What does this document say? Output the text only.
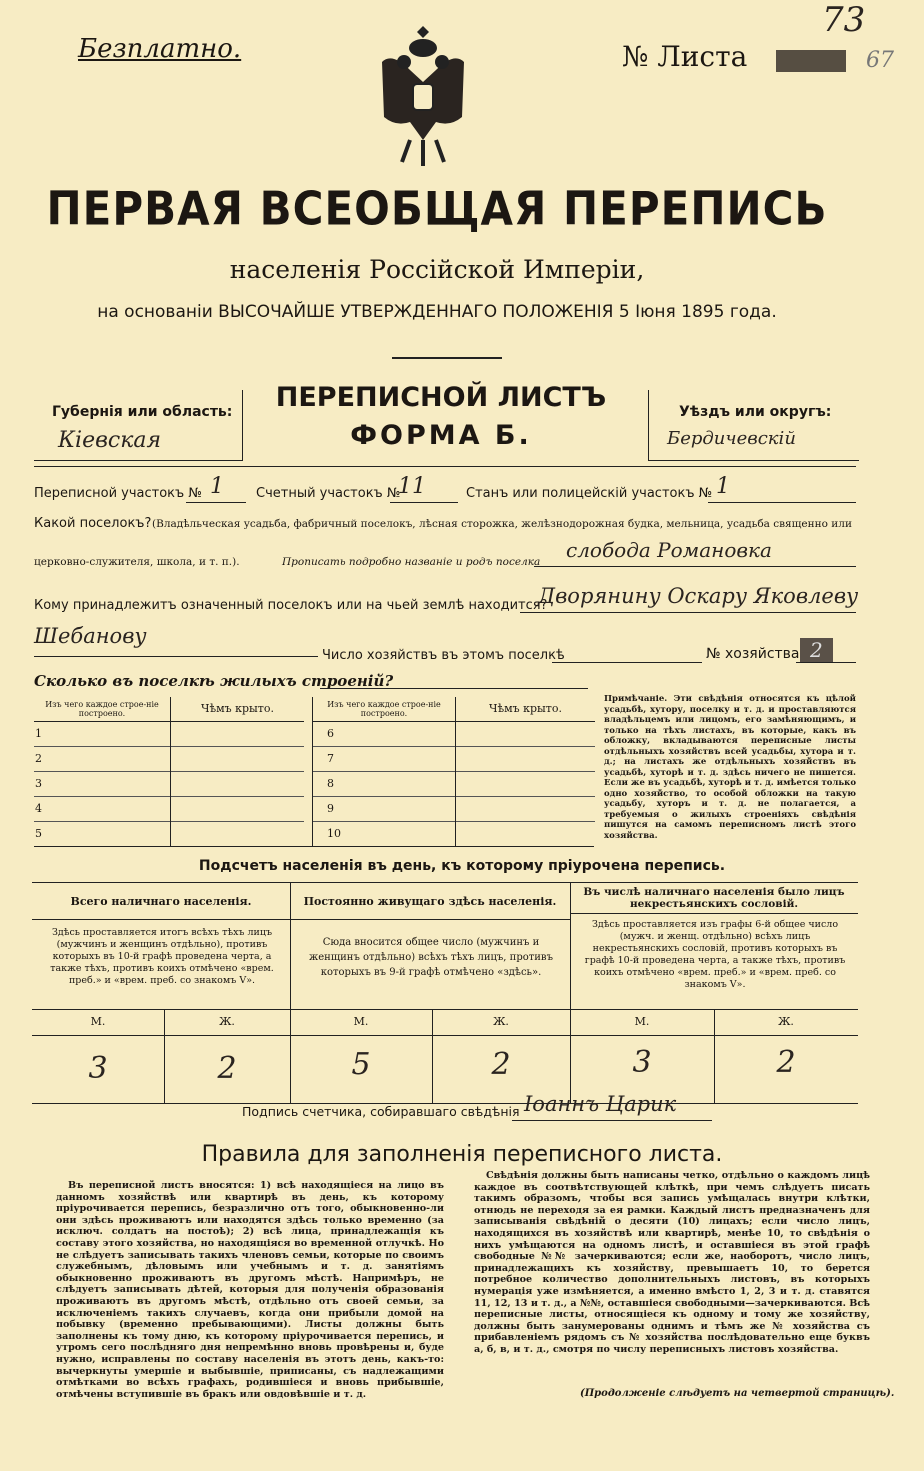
Безплатно.	№ Листа
73
67
ПЕРВАЯ ВСЕОБЩАЯ ПЕРЕПИСЬ
населенія Россійской Имперіи,
на основаніи ВЫСОЧАЙШЕ УТВЕРЖДЕННАГО ПОЛОЖЕНІЯ 5 Іюня 1895 года.
Губернія или область:
Кіевская
ПЕРЕПИСНОЙ ЛИСТЪ
ФОРМА Б.
Уѣздъ или округъ:
Бердичевскій
Переписной участокъ № 1 Счетный участокъ №
11	Станъ или полицейскій участокъ № 1
Какой поселокъ? (Владѣльческая усадьба, фабричный поселокъ, лѣсная сторожка, желѣзнодорожная будка, мельница, усадьба священно или
церковно-служителя, школа, и т. п.).	Прописать подробно названіе и родъ поселка слобода Романовка
Кому принадлежитъ означенный поселокъ или на чьей землѣ находится?
Дворянину Оскару Яковлеву
Шебанову
Число хозяйствъ въ этомъ поселкѣ	№ хозяйства 2
Сколько въ поселкѣ жилыхъ строеній?
Изъ чего каждое строе-ніе построено.	Чѣмъ крыто.
1	
2	
3	
4	
5	
Изъ чего каждое строе-ніе построено.	Чѣмъ крыто.
6	
7	
8	
9	
10	
Примѣчаніе. Эти свѣдѣнія относятся къ цѣлой усадьбѣ, хутору, поселку и т. д. и проставляются владѣльцемъ или лицомъ, его замѣняющимъ, и только на тѣхъ листахъ, въ которые, какъ въ обложку, вкладываются переписные листы отдѣльныхъ хозяйствъ всей усадьбы, хутора и т. д.; на листахъ же отдѣльныхъ хозяйствъ въ усадьбѣ, хуторѣ и т. д. здѣсь ничего не пишется. Если же въ усадьбѣ, хуторѣ и т. д. имѣется только одно хозяйство, то особой обложки на такую усадьбу, хуторъ и т. д. не полагается, а требуемыя о жилыхъ строеніяхъ свѣдѣнія пишутся на самомъ переписномъ листѣ этого хозяйства.
Подсчетъ населенія въ день, къ которому пріурочена перепись.
Всего наличнаго населенія.
Здѣсь проставляется итогъ всѣхъ тѣхъ лицъ (мужчинъ и женщинъ отдѣльно), противъ которыхъ въ 10-й графѣ проведена черта, а также тѣхъ, противъ коихъ отмѣчено «врем. преб.» и «врем. преб. со знакомъ V».
Постоянно живущаго здѣсь населенія.
Сюда вносится общее число (мужчинъ и женщинъ отдѣльно) всѣхъ тѣхъ лицъ, противъ которыхъ въ 9-й графѣ отмѣчено «здѣсь».
Въ числѣ наличнаго населенія было лицъ некрестьянскихъ сословій.
Здѣсь проставляется изъ графы 6-й общее число (мужч. и женщ. отдѣльно) всѣхъ лицъ некрестьянскихъ сословій, противъ которыхъ въ графѣ 10-й проведена черта, а также тѣхъ, противъ коихъ отмѣчено «врем. преб.» и «врем. преб. со знакомъ V».
М.	Ж.	М.	Ж.	М.	Ж.
3	2	5	2	3	2
Подпись счетчика, собиравшаго свѣдѣнія Іоаннъ Царик
Правила для заполненія переписного листа.
Въ переписной листъ вносятся: 1) всѣ находящіеся на лицо въ данномъ хозяйствѣ или квартирѣ въ день, къ которому пріурочивается перепись, безразлично отъ того, обыкновенно-ли они здѣсь проживаютъ или находятся здѣсь только временно (за исключ. солдатъ на постоѣ); 2) всѣ лица, принадлежащія къ составу этого хозяйства, но находящіяся во временной отлучкѣ. Но не слѣдуетъ записывать такихъ членовъ семьи, которые по своимъ служебнымъ, дѣловымъ или учебнымъ и т. д. занятіямъ обыкновенно проживаютъ въ другомъ мѣстѣ. Напримѣръ, не слѣдуетъ записывать дѣтей, которыя для полученія образованія проживаютъ въ другомъ мѣстѣ, отдѣльно отъ своей семьи, за исключеніемъ такихъ случаевъ, когда они прибыли домой на побывку (временно пребывающими). Листы должны быть заполнены къ тому дню, къ которому пріурочивается перепись, и утромъ сего послѣдняго дня непремѣнно вновь провѣрены и, буде нужно, исправлены по составу населенія въ этотъ день, какъ-то: вычеркнуты умершіе и выбывшіе, приписаны, съ надлежащими отмѣтками во всѣхъ графахъ, родившіеся и вновь прибывшіе, отмѣчены вступившіе въ бракъ или овдовѣвшіе и т. д.
Свѣдѣнія должны быть написаны четко, отдѣльно о каждомъ лицѣ каждое въ соотвѣтствующей клѣткѣ, при чемъ слѣдуетъ писать такимъ образомъ, чтобы вся запись умѣщалась внутри клѣтки, отнюдь не переходя за ея рамки. Каждый листъ предназначенъ для записыванія свѣдѣній о десяти (10) лицахъ; если число лицъ, находящихся въ хозяйствѣ или квартирѣ, менѣе 10, то свѣдѣнія о нихъ умѣщаются на одномъ листѣ, и оставшіеся въ этой графѣ свободные №№ зачеркиваются; если же, наоборотъ, число лицъ, принадлежащихъ къ хозяйству, превышаетъ 10, то берется потребное количество дополнительныхъ листовъ, въ которыхъ нумерація уже измѣняется, а именно вмѣсто 1, 2, 3 и т. д. ставятся 11, 12, 13 и т. д., а №№, оставшіеся свободными—зачеркиваются. Всѣ переписные листы, относящіеся къ одному и тому же хозяйству, должны быть занумерованы однимъ и тѣмъ же № хозяйства съ прибавленіемъ рядомъ съ № хозяйства послѣдовательно еще буквъ а, б, в, и т. д., смотря по числу переписныхъ листовъ хозяйства.
(Продолженіе слѣдуетъ на четвертой страницѣ).
